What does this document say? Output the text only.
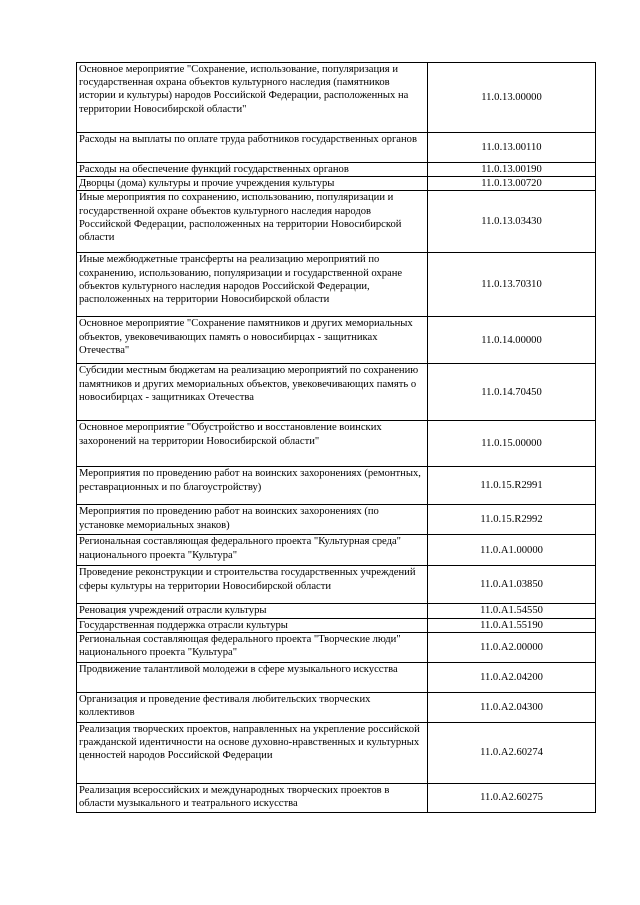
Основное мероприятие "Сохранение, использование, популяризация и государственная охрана объектов культурного наследия (памятников истории и культуры) народов Российской Федерации, расположенных на территории Новосибирской области"	11.0.13.00000
Расходы на выплаты по оплате труда работников государственных органов	11.0.13.00110
Расходы на обеспечение функций государственных органов	11.0.13.00190
Дворцы (дома) культуры и прочие учреждения культуры	11.0.13.00720
Иные мероприятия по сохранению, использованию, популяризации и государственной охране объектов культурного наследия народов Российской Федерации, расположенных на территории Новосибирской области	11.0.13.03430
Иные межбюджетные трансферты на реализацию мероприятий по сохранению, использованию, популяризации и государственной охране объектов культурного наследия народов Российской Федерации, расположенных на территории Новосибирской области	11.0.13.70310
Основное мероприятие "Сохранение памятников и других мемориальных объектов, увековечивающих память о новосибирцах - защитниках Отечества"	11.0.14.00000
Субсидии местным бюджетам на реализацию мероприятий по сохранению памятников и других мемориальных объектов, увековечивающих память о новосибирцах - защитниках Отечества	11.0.14.70450
Основное мероприятие "Обустройство и восстановление воинских захоронений на территории Новосибирской области"	11.0.15.00000
Мероприятия по проведению работ на воинских захоронениях (ремонтных, реставрационных и по благоустройству)	11.0.15.R2991
Мероприятия по проведению работ на воинских захоронениях (по установке мемориальных знаков)	11.0.15.R2992
Региональная составляющая федерального проекта "Культурная среда" национального проекта "Культура"	11.0.A1.00000
Проведение реконструкции и строительства государственных учреждений сферы культуры на территории Новосибирской области	11.0.A1.03850
Реновация учреждений отрасли культуры	11.0.A1.54550
Государственная поддержка отрасли культуры	11.0.A1.55190
Региональная составляющая федерального проекта "Творческие люди" национального проекта "Культура"	11.0.A2.00000
Продвижение талантливой молодежи в сфере музыкального искусства	11.0.A2.04200
Организация и проведение фестиваля любительских творческих коллективов	11.0.A2.04300
Реализация творческих проектов, направленных на укрепление российской гражданской идентичности на основе духовно-нравственных и культурных ценностей народов Российской Федерации	11.0.A2.60274
Реализация всероссийских и международных творческих проектов в области музыкального и театрального искусства	11.0.A2.60275
